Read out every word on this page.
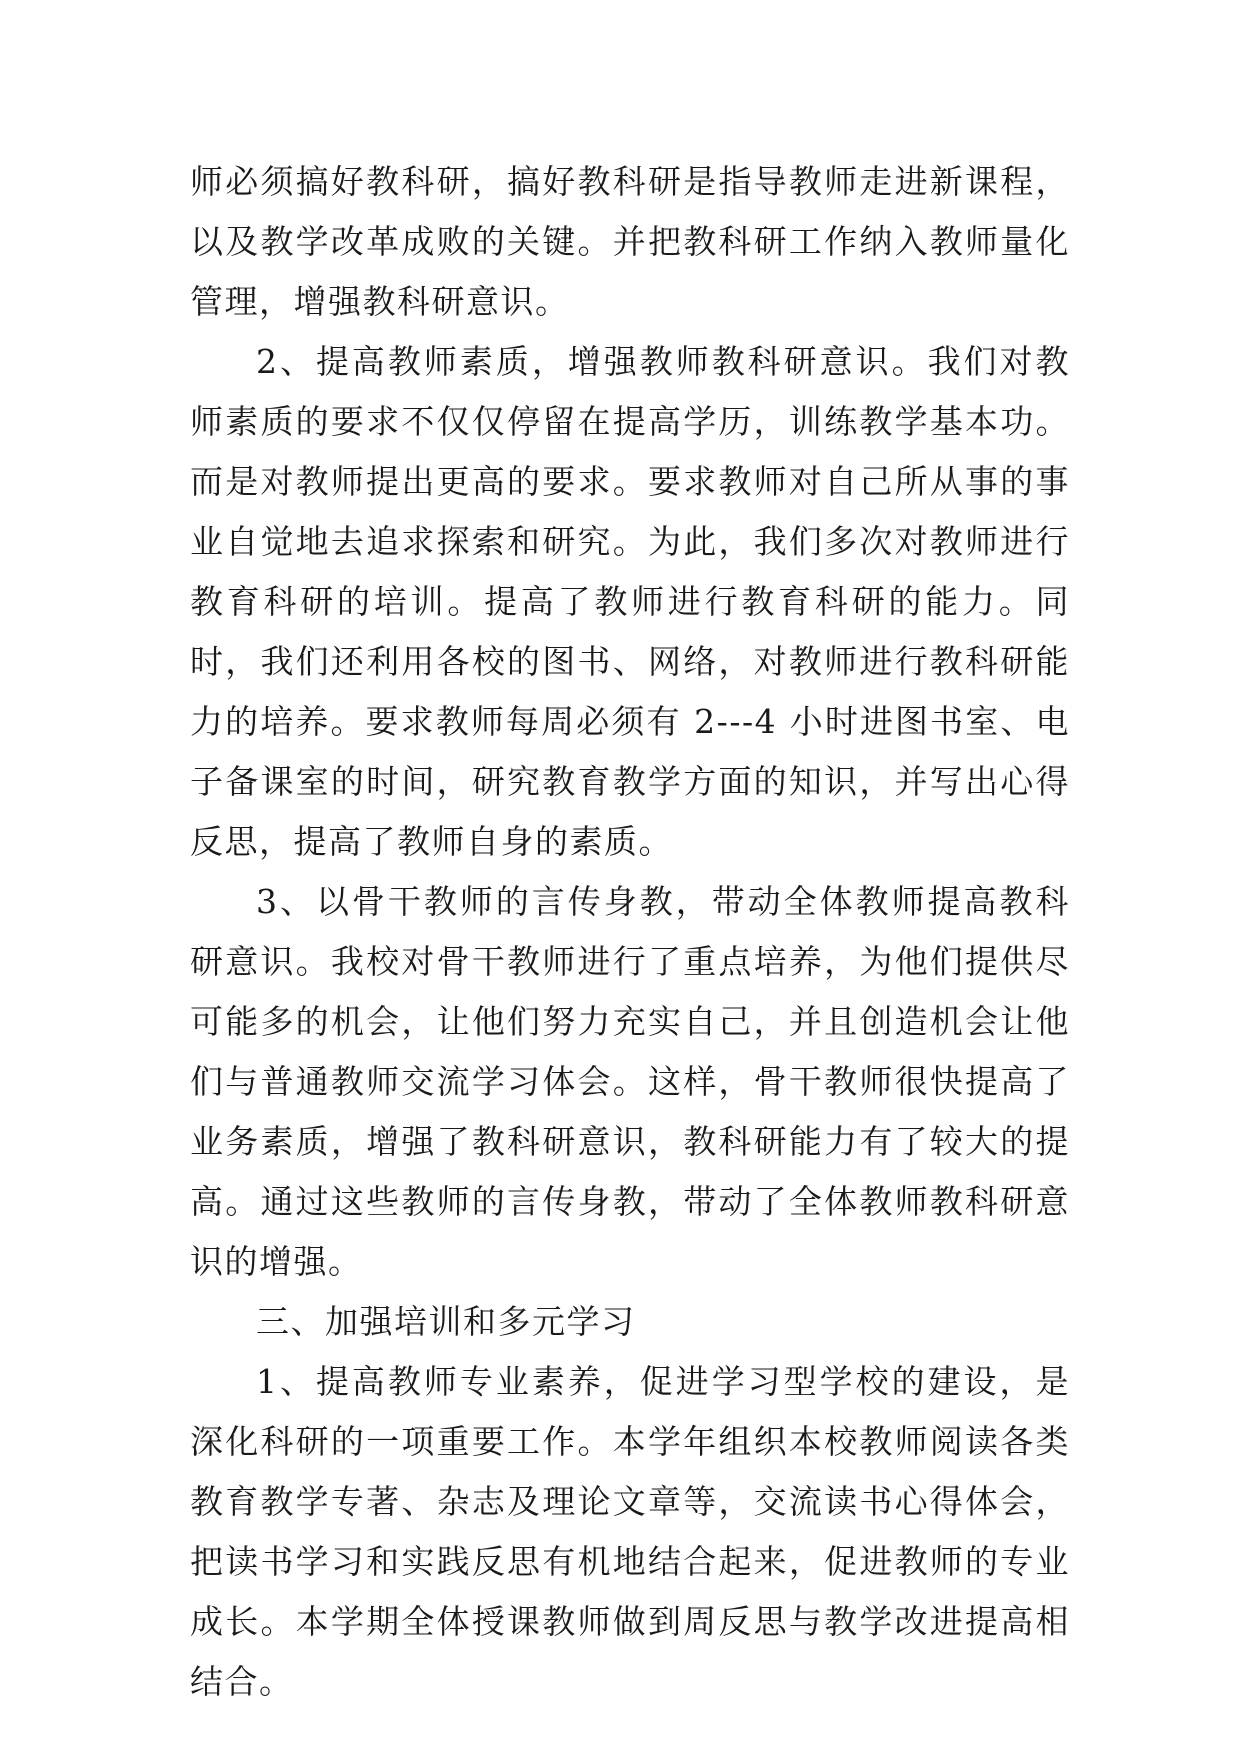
师必须搞好教科研，搞好教科研是指导教师走进新课程，以及教学改革成败的关键。并把教科研工作纳入教师量化管理，增强教科研意识。

2、提高教师素质，增强教师教科研意识。我们对教师素质的要求不仅仅停留在提高学历，训练教学基本功。而是对教师提出更高的要求。要求教师对自己所从事的事业自觉地去追求探索和研究。为此，我们多次对教师进行教育科研的培训。提高了教师进行教育科研的能力。同时，我们还利用各校的图书、网络，对教师进行教科研能力的培养。要求教师每周必须有 2---4 小时进图书室、电子备课室的时间，研究教育教学方面的知识，并写出心得反思，提高了教师自身的素质。

3、以骨干教师的言传身教，带动全体教师提高教科研意识。我校对骨干教师进行了重点培养，为他们提供尽可能多的机会，让他们努力充实自己，并且创造机会让他们与普通教师交流学习体会。这样，骨干教师很快提高了业务素质，增强了教科研意识，教科研能力有了较大的提高。通过这些教师的言传身教，带动了全体教师教科研意识的增强。

三、加强培训和多元学习

1、提高教师专业素养，促进学习型学校的建设，是深化科研的一项重要工作。本学年组织本校教师阅读各类教育教学专著、杂志及理论文章等，交流读书心得体会，把读书学习和实践反思有机地结合起来，促进教师的专业成长。本学期全体授课教师做到周反思与教学改进提高相结合。
